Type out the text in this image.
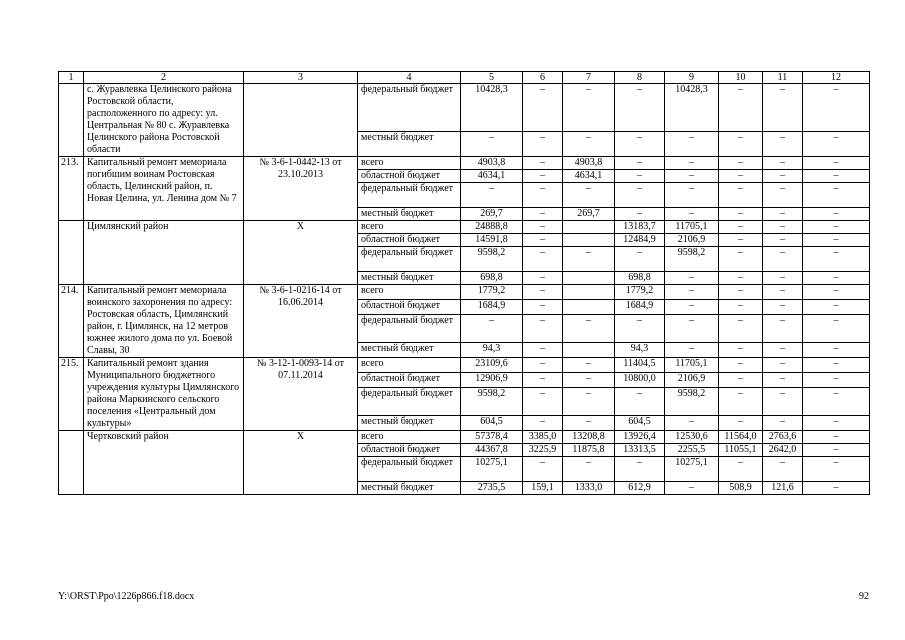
1	2	3	4	5	6	7	8	9	10	11	12
	с. Журавлевка Целинского района Ростовской области, расположенного по адресу: ул. Центральная № 80 с. Журавлевка Целинского района Ростовской области		федеральный бюджет	10428,3	–	–	–	10428,3	–	–	–
			местный бюджет	–	–	–	–	–	–	–	–
213.	Капитальный ремонт мемориала погибшим воинам Ростовская область, Целинский район, п. Новая Целина, ул. Ленина дом № 7	№ 3-6-1-0442-13 от 23.10.2013	всего	4903,8	–	4903,8	–	–	–	–	–
			областной бюджет	4634,1	–	4634,1	–	–	–	–	–
			федеральный бюджет	–	–	–	–	–	–	–	–
			местный бюджет	269,7	–	269,7	–	–	–	–	–
	Цимлянский район	Х	всего	24888,8	–		13183,7	11705,1	–	–	–
			областной бюджет	14591,8	–		12484,9	2106,9	–	–	–
			федеральный бюджет	9598,2	–	–	–	9598,2	–	–	–
			местный бюджет	698,8	–		698,8	–	–	–	–
214.	Капитальный ремонт мемориала воинского захоронения по адресу: Ростовская область, Цимлянский район, г. Цимлянск, на 12 метров южнее жилого дома по ул. Боевой Славы, 30	№ 3-6-1-0216-14 от 16.06.2014	всего	1779,2	–		1779,2	–	–	–	–
			областной бюджет	1684,9	–		1684,9	–	–	–	–
			федеральный бюджет	–	–	–	–	–	–	–	–
			местный бюджет	94,3	–		94,3	–	–	–	–
215.	Капитальный ремонт здания Муниципального бюджетного учреждения культуры Цимлянского района Маркинского сельского поселения «Центральный дом культуры»	№ 3-12-1-0093-14 от 07.11.2014	всего	23109,6	–	–	11404,5	11705,1	–	–	–
			областной бюджет	12906,9	–	–	10800,0	2106,9	–	–	–
			федеральный бюджет	9598,2	–	–	–	9598,2	–	–	–
			местный бюджет	604,5	–	–	604,5	–	–	–	–
	Чертковский район	Х	всего	57378,4	3385,0	13208,8	13926,4	12530,6	11564,0	2763,6	–
			областной бюджет	44367,8	3225,9	11875,8	13313,5	2255,5	11055,1	2642,0	–
			федеральный бюджет	10275,1	–	–	–	10275,1	–	–	–
			местный бюджет	2735,5	159,1	1333,0	612,9	–	508,9	121,6	–
Y:\ORST\Ppo\1226p866.f18.docx	92
